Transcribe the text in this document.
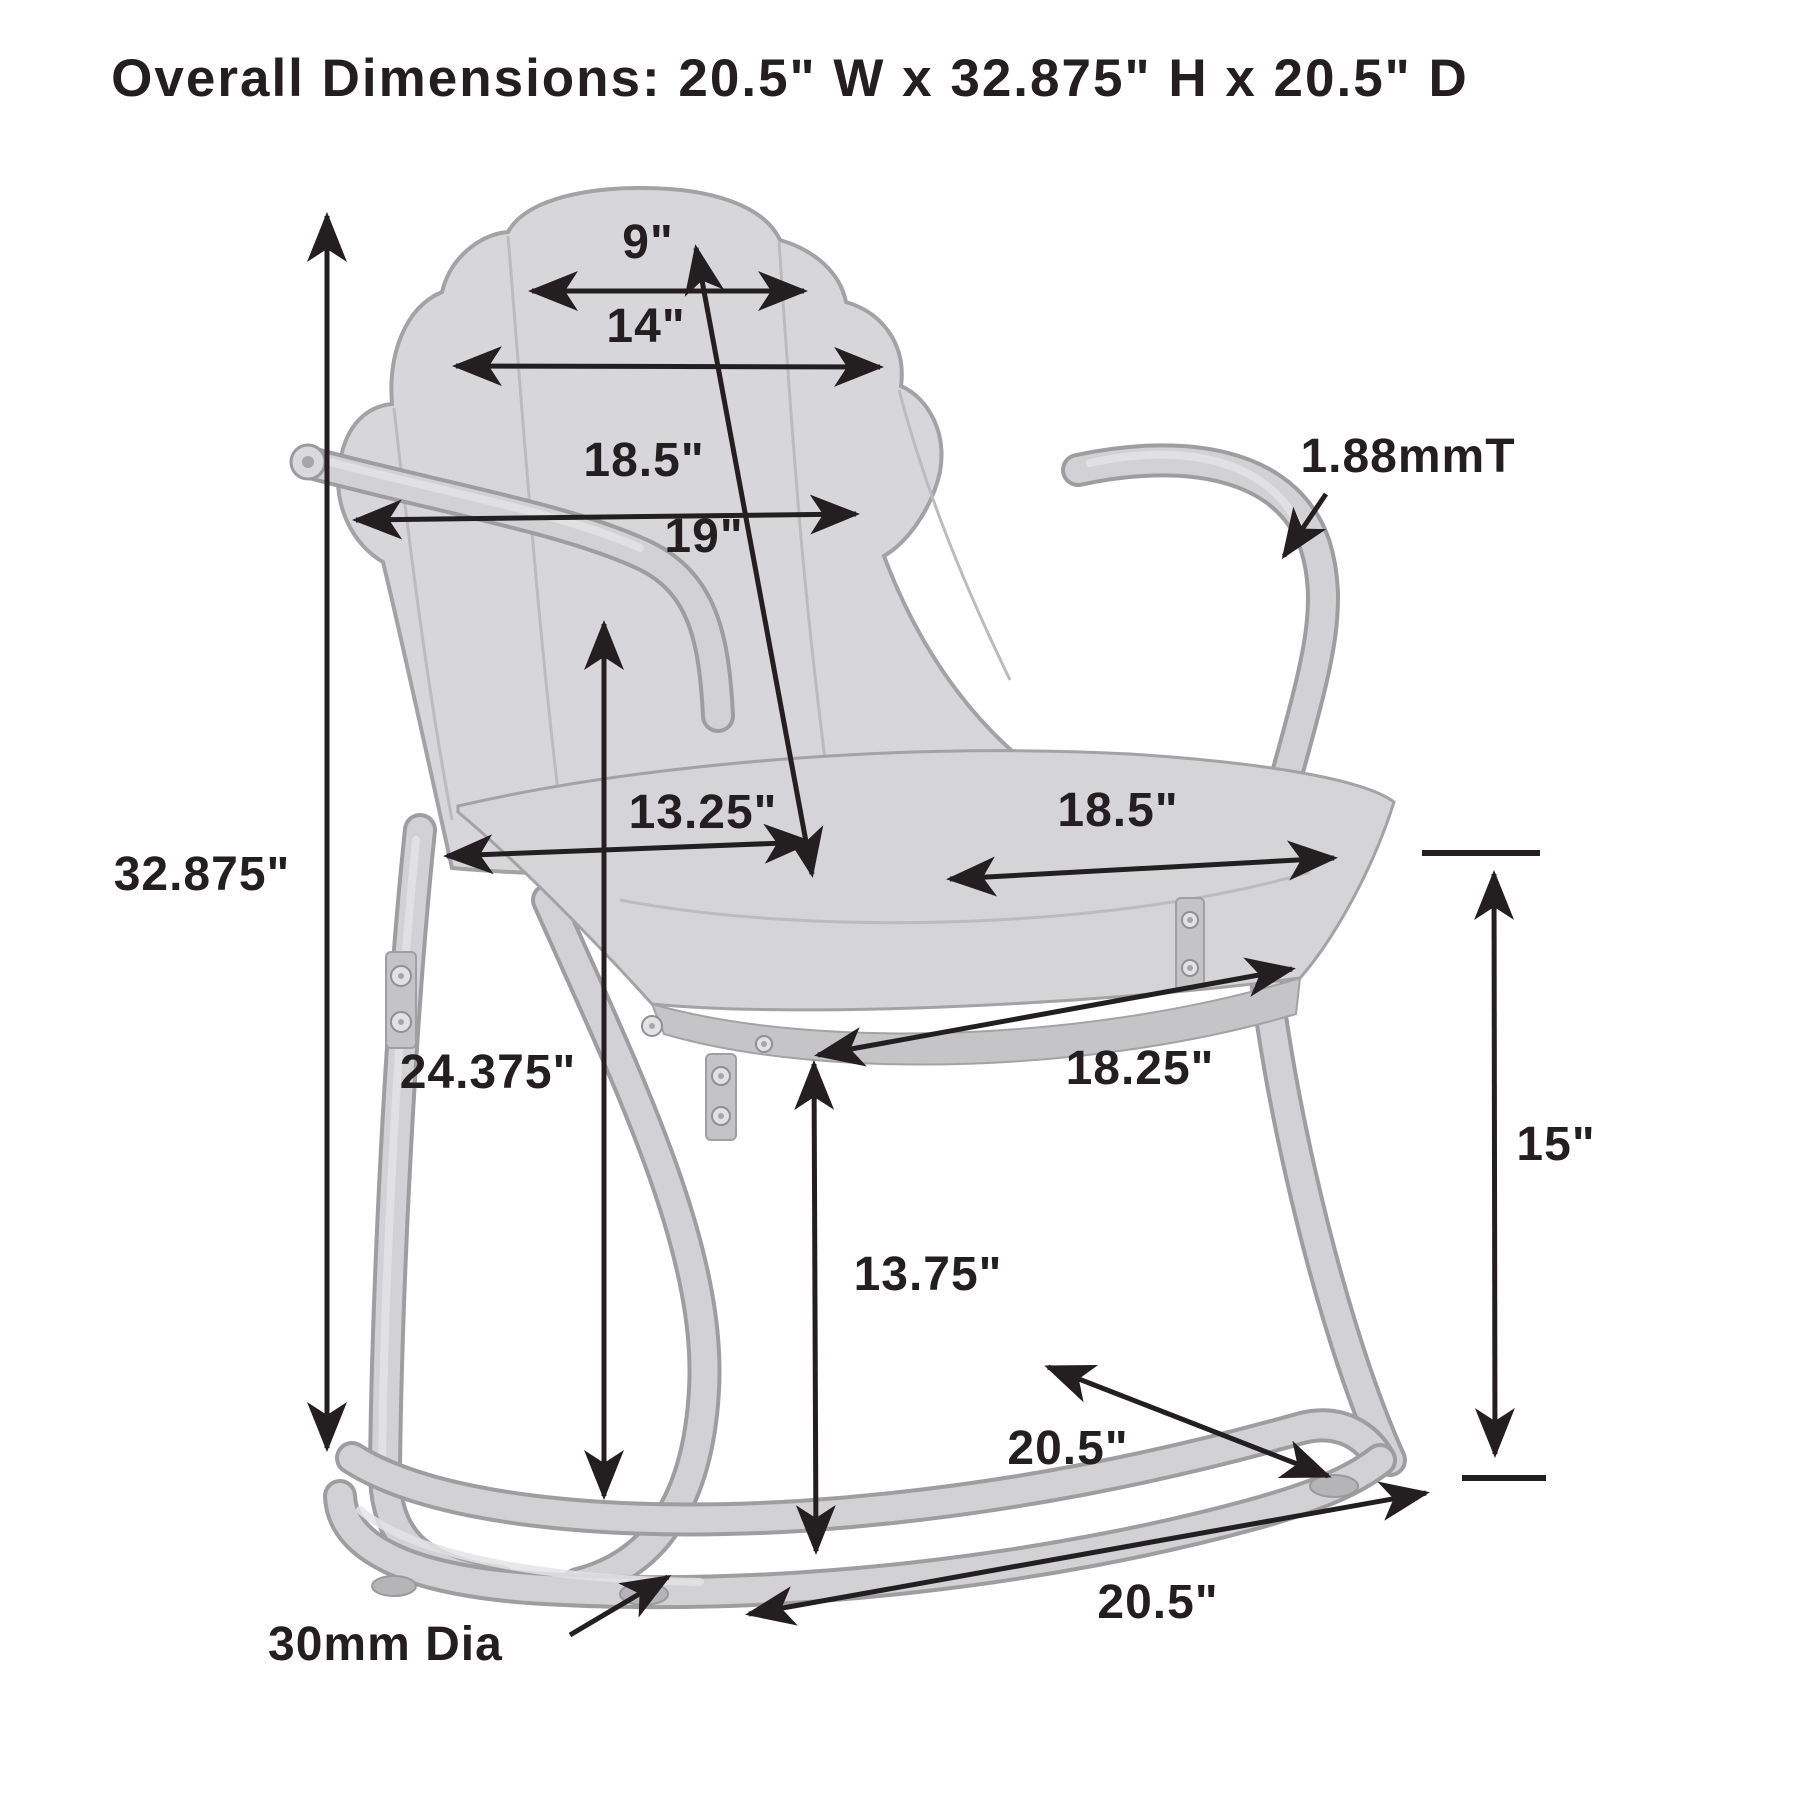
Overall Dimensions: 20.5" W x 32.875" H x 20.5" D
32.875"
9"
14"
18.5"
19"
1.88mmT
13.25"	18.5"
18.25"
24.375"
13.75"
15"
20.5"
20.5"
30mm Dia
